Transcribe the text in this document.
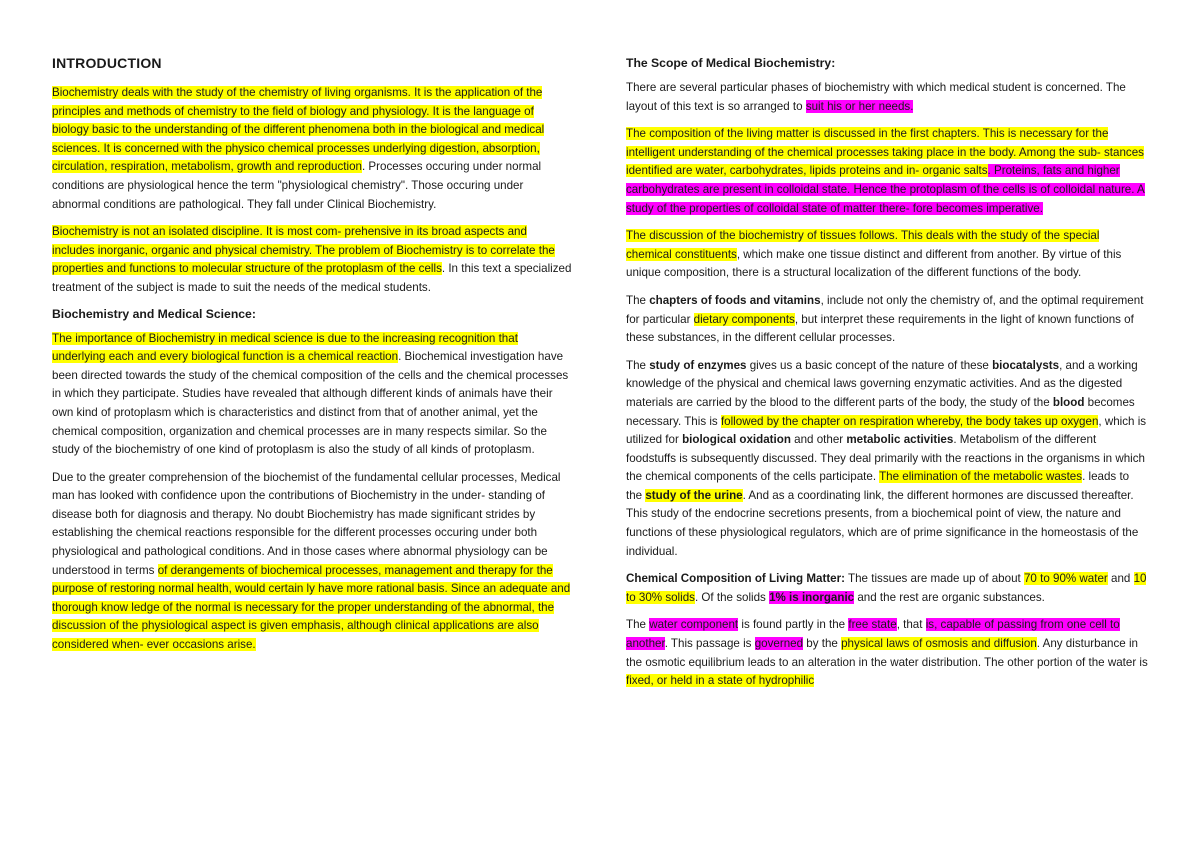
INTRODUCTION

Biochemistry deals with the study of the chemistry of living organisms. It is the application of the principles and methods of chemistry to the field of biology and physiology. It is the language of biology basic to the understanding of the different phenomena both in the biological and medical sciences. It is concerned with the physico chemical processes underlying digestion, absorption, circulation, respiration, metabolism, growth and reproduction. Processes occuring under normal conditions are physiological hence the term "physiological chemistry". Those occuring under abnormal conditions are pathological. They fall under Clinical Biochemistry.

Biochemistry is not an isolated discipline. It is most com- prehensive in its broad aspects and includes inorganic, organic and physical chemistry. The problem of Biochemistry is to correlate the properties and functions to molecular structure of the protoplasm of the cells. In this text a specialized treatment of the subject is made to suit the needs of the medical students.

Biochemistry and Medical Science:

The importance of Biochemistry in medical science is due to the increasing recognition that underlying each and every biological function is a chemical reaction. Biochemical investigation have been directed towards the study of the chemical composition of the cells and the chemical processes in which they participate. Studies have revealed that although different kinds of animals have their own kind of protoplasm which is characteristics and distinct from that of another animal, yet the chemical composition, organization and chemical processes are in many respects similar. So the study of the biochemistry of one kind of protoplasm is also the study of all kinds of protoplasm.

Due to the greater comprehension of the biochemist of the fundamental cellular processes, Medical man has looked with confidence upon the contributions of Biochemistry in the under- standing of disease both for diagnosis and therapy. No doubt Biochemistry has made significant strides by establishing the chemical reactions responsible for the different processes occuring under both physiological and pathological conditions. And in those cases where abnormal physiology can be understood in terms of derangements of biochemical processes, management and therapy for the purpose of restoring normal health, would certain ly have more rational basis. Since an adequate and thorough know ledge of the normal is necessary for the proper understanding of the abnormal, the discussion of the physiological aspect is given emphasis, although clinical applications are also considered when- ever occasions arise.

The Scope of Medical Biochemistry:

There are several particular phases of biochemistry with which medical student is concerned. The layout of this text is so arranged to suit his or her needs.

The composition of the living matter is discussed in the first chapters. This is necessary for the intelligent understanding of the chemical processes taking place in the body. Among the sub- stances identified are water, carbohydrates, lipids proteins and in- organic salts. Proteins, fats and higher carbohydrates are present in colloidal state. Hence the protoplasm of the cells is of colloidal nature. A study of the properties of colloidal state of matter there- fore becomes imperative.

The discussion of the biochemistry of tissues follows. This deals with the study of the special chemical constituents, which make one tissue distinct and different from another. By virtue of this unique composition, there is a structural localization of the different functions of the body.

The chapters of foods and vitamins, include not only the chemistry of, and the optimal requirement for particular dietary components, but interpret these requirements in the light of known functions of these substances, in the different cellular processes.

The study of enzymes gives us a basic concept of the nature of these biocatalysts, and a working knowledge of the physical and chemical laws governing enzymatic activities. And as the digested materials are carried by the blood to the different parts of the body, the study of the blood becomes necessary. This is followed by the chapter on respiration whereby, the body takes up oxygen, which is utilized for biological oxidation and other metabolic activities. Metabolism of the different foodstuffs is subsequently discussed. They deal primarily with the reactions in the organisms in which the chemical components of the cells participate. The elimination of the metabolic wastes. leads to the study of the urine. And as a coordinating link, the different hormones are discussed thereafter. This study of the endocrine secretions presents, from a biochemical point of view, the nature and functions of these physiological regulators, which are of prime significance in the homeostasis of the individual.

Chemical Composition of Living Matter: The tissues are made up of about 70 to 90% water and 10 to 30% solids. Of the solids 1% is inorganic and the rest are organic substances.

The water component is found partly in the free state, that is, capable of passing from one cell to another. This passage is governed by the physical laws of osmosis and diffusion. Any disturbance in the osmotic equilibrium leads to an alteration in the water distribution. The other portion of the water is fixed, or held in a state of hydrophilic
